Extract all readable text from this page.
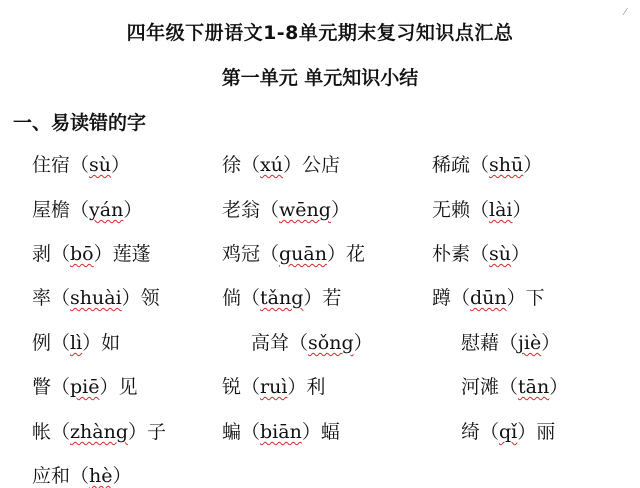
⁄
四年级下册语文1-8单元期末复习知识点汇总
第一单元 单元知识小结
一、易读错的字
住宿（sù）	徐（xú）公店	稀疏（shū）
屋檐（yán）	老翁（wēng）	无赖（lài）
剥（bō）莲蓬	鸡冠（guān）花	朴素（sù）
率（shuài）领	倘（tǎng）若	蹲（dūn）下
例（lì）如	高耸（sǒng）	慰藉（jiè）
瞥（piē）见	锐（ruì）利	河滩（tān）
帐（zhàng）子	蝙（biān）蝠	绮（qǐ）丽
应和（hè）
